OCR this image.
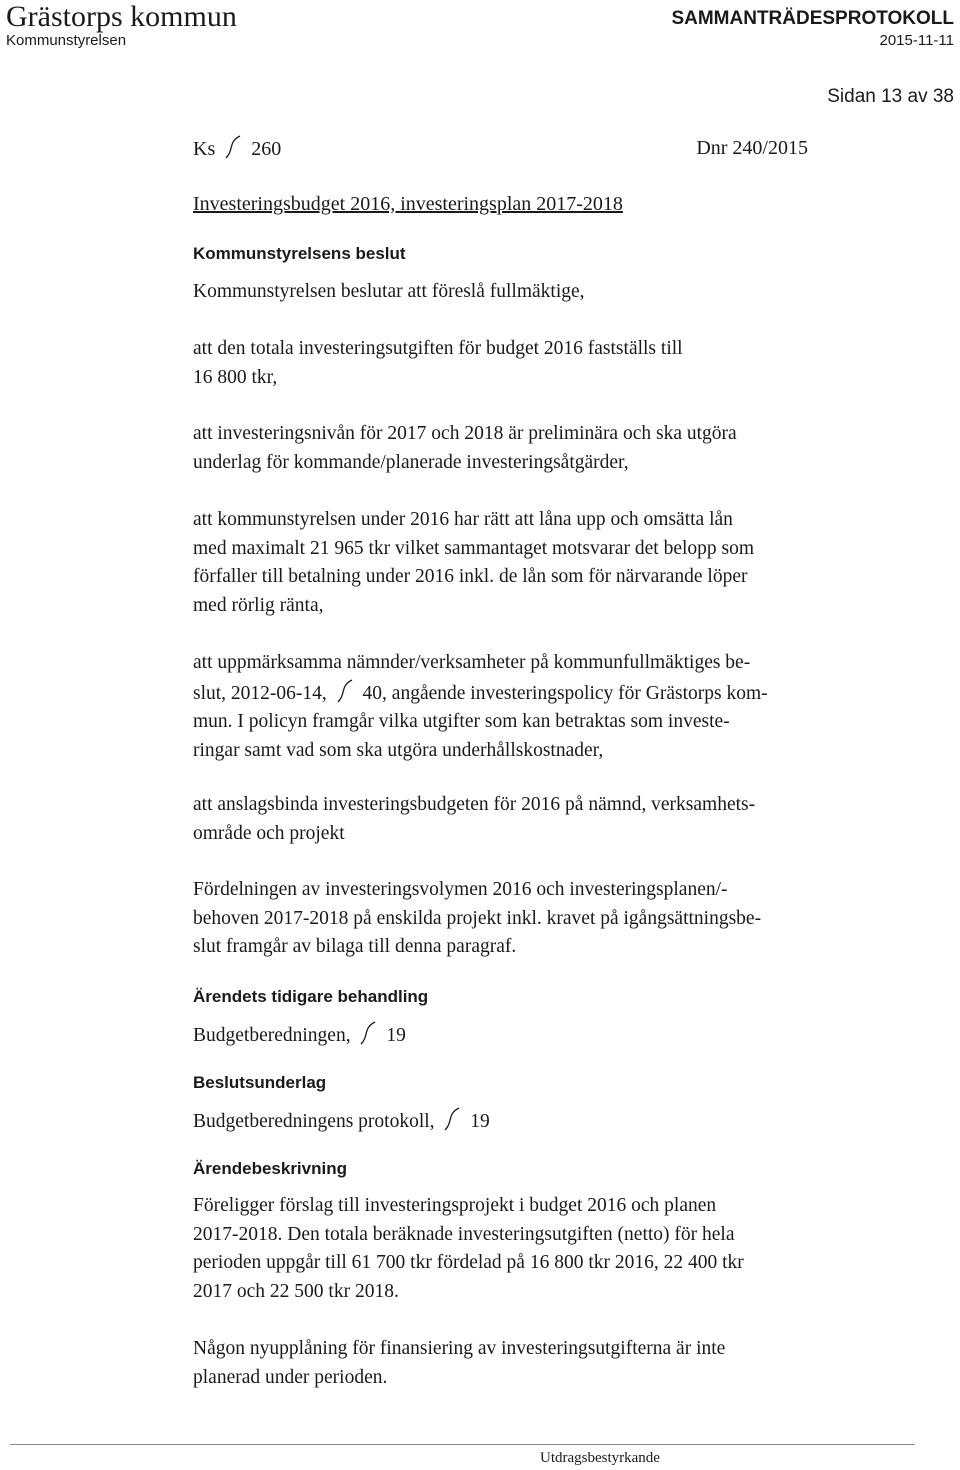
Grästorps kommun
Kommunstyrelsen
SAMMANTRÄDESPROTOKOLL
2015-11-11
Sidan 13 av 38
Ks 260	Dnr 240/2015
Investeringsbudget 2016, investeringsplan 2017-2018
Kommunstyrelsens beslut
Kommunstyrelsen beslutar att föreslå fullmäktige,
att den totala investeringsutgiften för budget 2016 fastställs till
16 800 tkr,
att investeringsnivån för 2017 och 2018 är preliminära och ska utgöra
underlag för kommande/planerade investeringsåtgärder,
att kommunstyrelsen under 2016 har rätt att låna upp och omsätta lån
med maximalt 21 965 tkr vilket sammantaget motsvarar det belopp som
förfaller till betalning under 2016 inkl. de lån som för närvarande löper
med rörlig ränta,
att uppmärksamma nämnder/verksamheter på kommunfullmäktiges be-
slut, 2012-06-14, 40, angående investeringspolicy för Grästorps kom-
mun. I policyn framgår vilka utgifter som kan betraktas som investe-
ringar samt vad som ska utgöra underhållskostnader,
att anslagsbinda investeringsbudgeten för 2016 på nämnd, verksamhets-
område och projekt
Fördelningen av investeringsvolymen 2016 och investeringsplanen/-
behoven 2017-2018 på enskilda projekt inkl. kravet på igångsättningsbe-
slut framgår av bilaga till denna paragraf.
Ärendets tidigare behandling
Budgetberedningen, 19
Beslutsunderlag
Budgetberedningens protokoll, 19
Ärendebeskrivning
Föreligger förslag till investeringsprojekt i budget 2016 och planen
2017-2018. Den totala beräknade investeringsutgiften (netto) för hela
perioden uppgår till 61 700 tkr fördelad på 16 800 tkr 2016, 22 400 tkr
2017 och 22 500 tkr 2018.
Någon nyupplåning för finansiering av investeringsutgifterna är inte
planerad under perioden.
Utdragsbestyrkande
